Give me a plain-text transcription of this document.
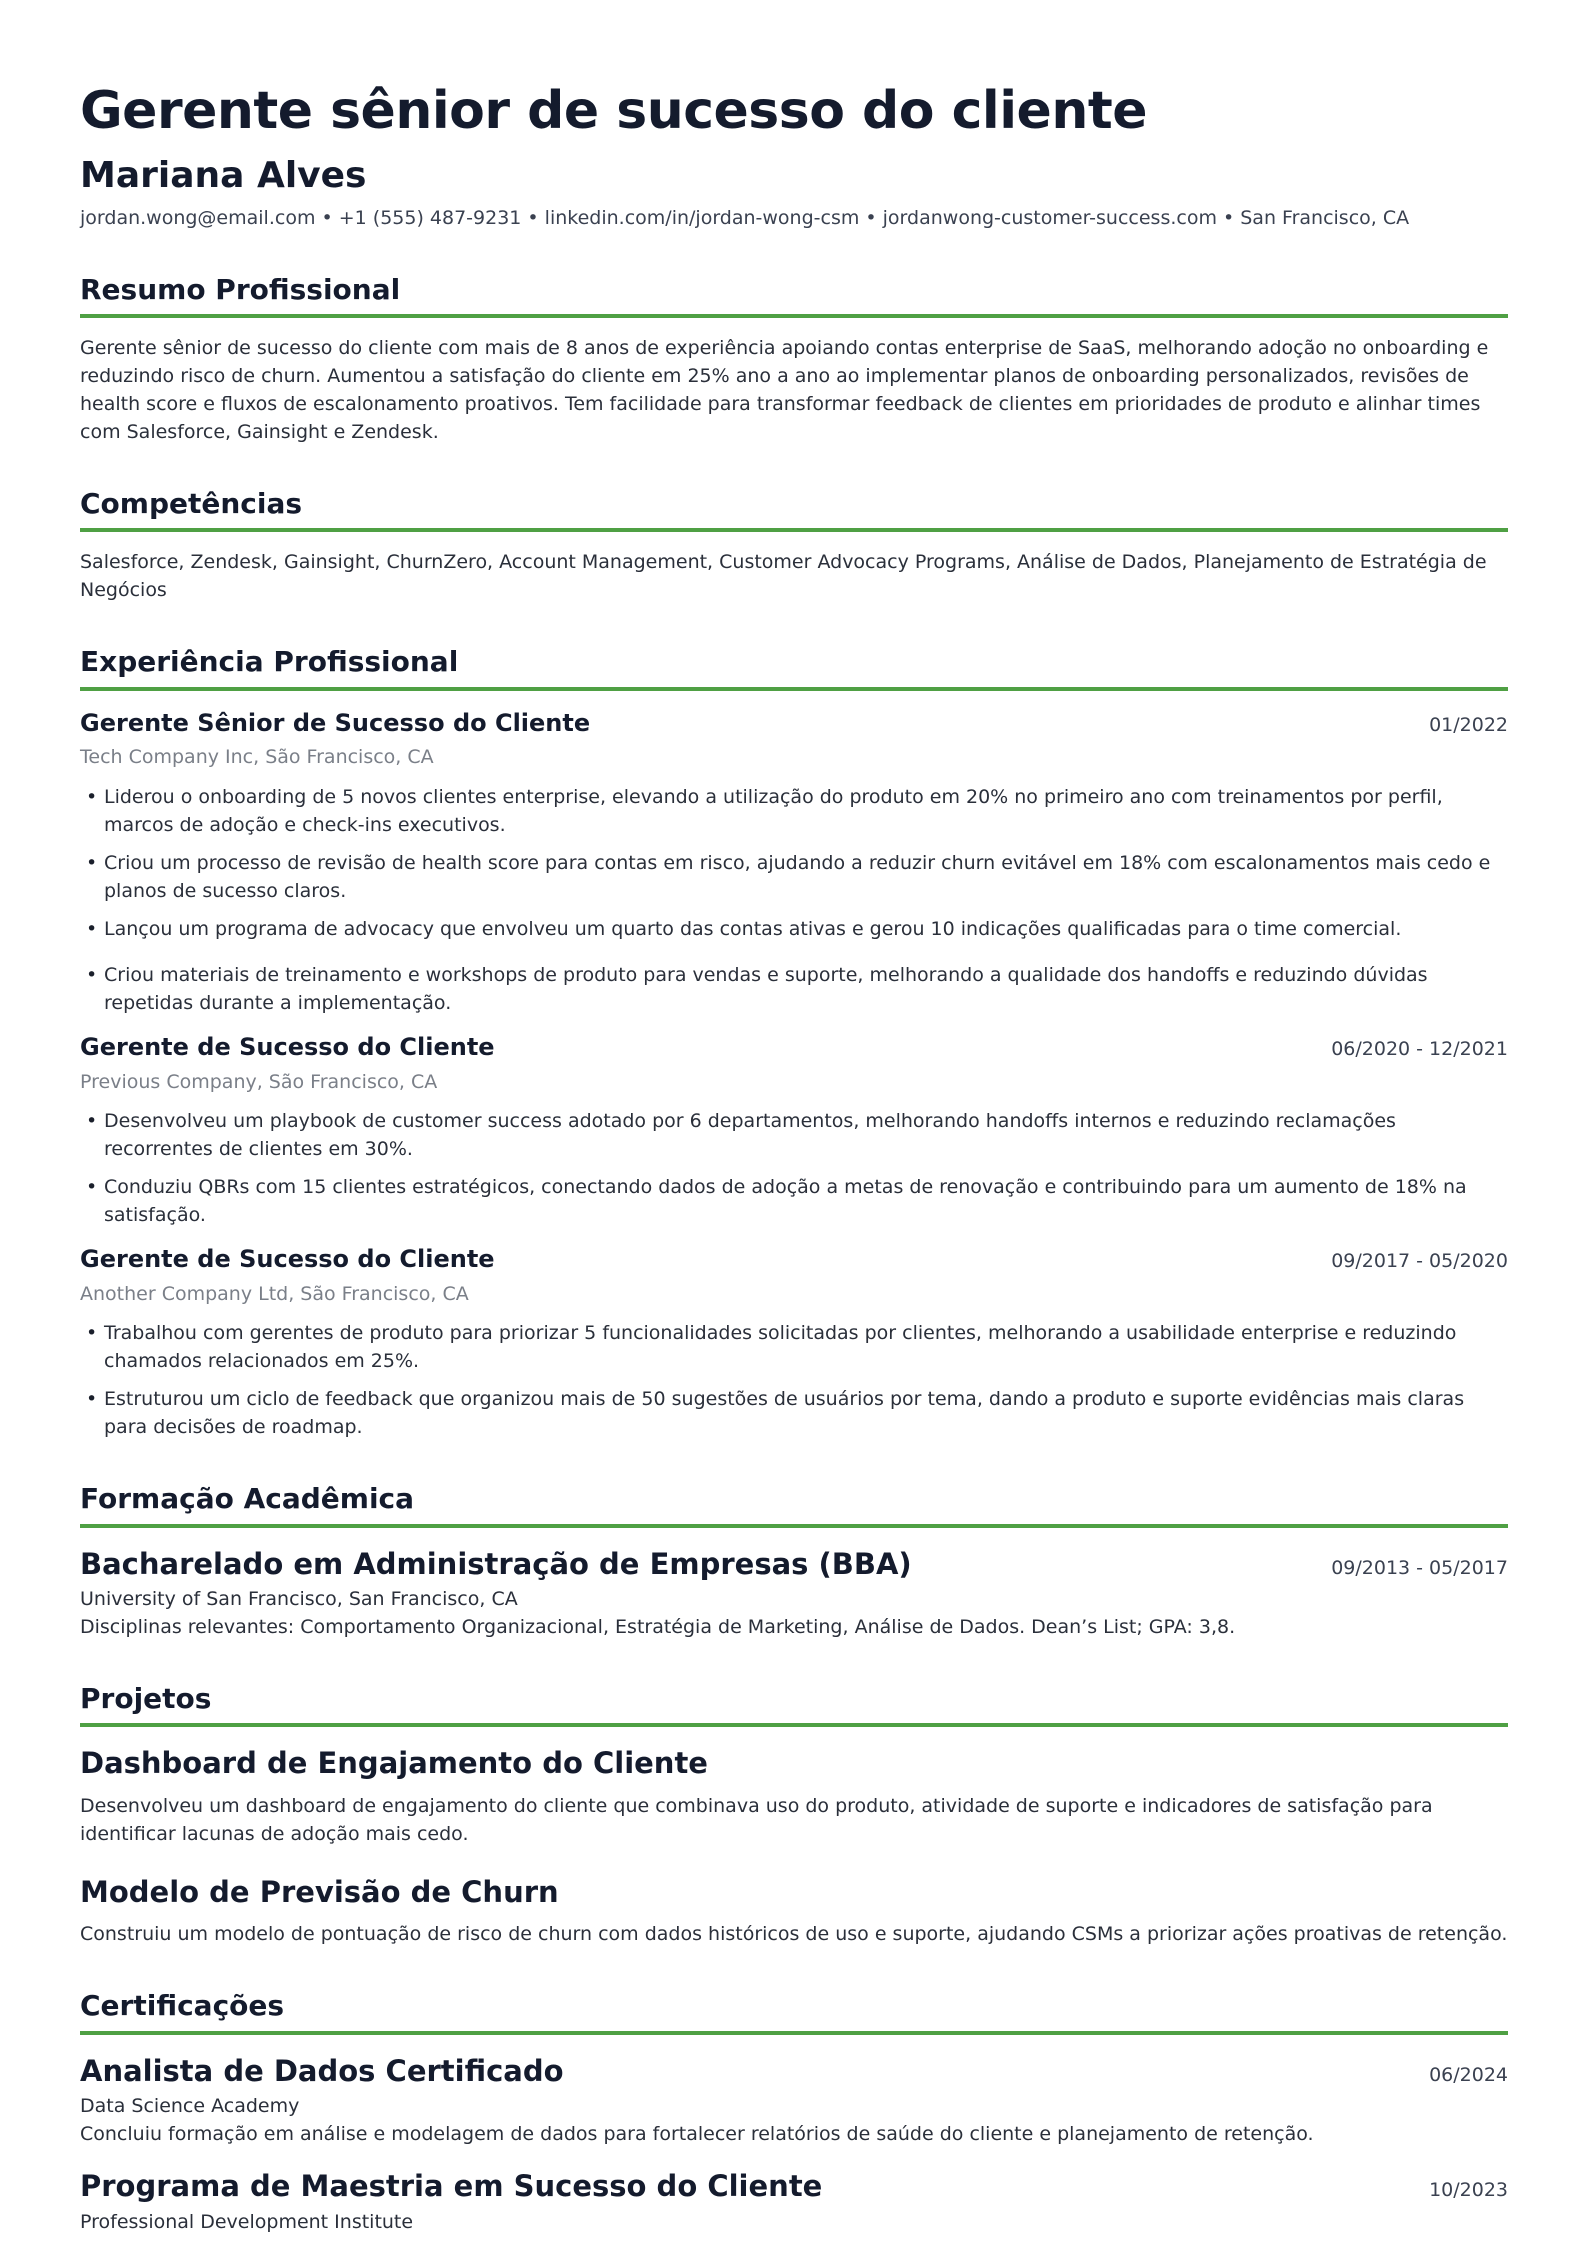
Gerente sênior de sucesso do cliente
Mariana Alves
jordan.wong@email.com • +1 (555) 487-9231 • linkedin.com/in/jordan-wong-csm • jordanwong-customer-success.com • San Francisco, CA
Resumo Profissional

Gerente sênior de sucesso do cliente com mais de 8 anos de experiência apoiando contas enterprise de SaaS, melhorando adoção no onboarding e reduzindo risco de churn. Aumentou a satisfação do cliente em 25% ano a ano ao implementar planos de onboarding personalizados, revisões de health score e fluxos de escalonamento proativos. Tem facilidade para transformar feedback de clientes em prioridades de produto e alinhar times com Salesforce, Gainsight e Zendesk.

Competências

Salesforce, Zendesk, Gainsight, ChurnZero, Account Management, Customer Advocacy Programs, Análise de Dados, Planejamento de Estratégia de Negócios

Experiência Profissional
Gerente Sênior de Sucesso do Cliente	01/2022
Tech Company Inc, São Francisco, CA
• Liderou o onboarding de 5 novos clientes enterprise, elevando a utilização do produto em 20% no primeiro ano com treinamentos por perfil, marcos de adoção e check-ins executivos.
• Criou um processo de revisão de health score para contas em risco, ajudando a reduzir churn evitável em 18% com escalonamentos mais cedo e planos de sucesso claros.
• Lançou um programa de advocacy que envolveu um quarto das contas ativas e gerou 10 indicações qualificadas para o time comercial.
• Criou materiais de treinamento e workshops de produto para vendas e suporte, melhorando a qualidade dos handoffs e reduzindo dúvidas repetidas durante a implementação.
Gerente de Sucesso do Cliente	06/2020 - 12/2021
Previous Company, São Francisco, CA
• Desenvolveu um playbook de customer success adotado por 6 departamentos, melhorando handoffs internos e reduzindo reclamações recorrentes de clientes em 30%.
• Conduziu QBRs com 15 clientes estratégicos, conectando dados de adoção a metas de renovação e contribuindo para um aumento de 18% na satisfação.
Gerente de Sucesso do Cliente	09/2017 - 05/2020
Another Company Ltd, São Francisco, CA
• Trabalhou com gerentes de produto para priorizar 5 funcionalidades solicitadas por clientes, melhorando a usabilidade enterprise e reduzindo chamados relacionados em 25%.
• Estruturou um ciclo de feedback que organizou mais de 50 sugestões de usuários por tema, dando a produto e suporte evidências mais claras para decisões de roadmap.
Formação Acadêmica
Bacharelado em Administração de Empresas (BBA)	09/2013 - 05/2017
University of San Francisco, San Francisco, CA

Disciplinas relevantes: Comportamento Organizacional, Estratégia de Marketing, Análise de Dados. Dean’s List; GPA: 3,8.

Projetos
Dashboard de Engajamento do Cliente

Desenvolveu um dashboard de engajamento do cliente que combinava uso do produto, atividade de suporte e indicadores de satisfação para identificar lacunas de adoção mais cedo.

Modelo de Previsão de Churn

Construiu um modelo de pontuação de risco de churn com dados históricos de uso e suporte, ajudando CSMs a priorizar ações proativas de retenção.

Certificações
Analista de Dados Certificado	06/2024
Data Science Academy

Concluiu formação em análise e modelagem de dados para fortalecer relatórios de saúde do cliente e planejamento de retenção.

Programa de Maestria em Sucesso do Cliente	10/2023
Professional Development Institute
